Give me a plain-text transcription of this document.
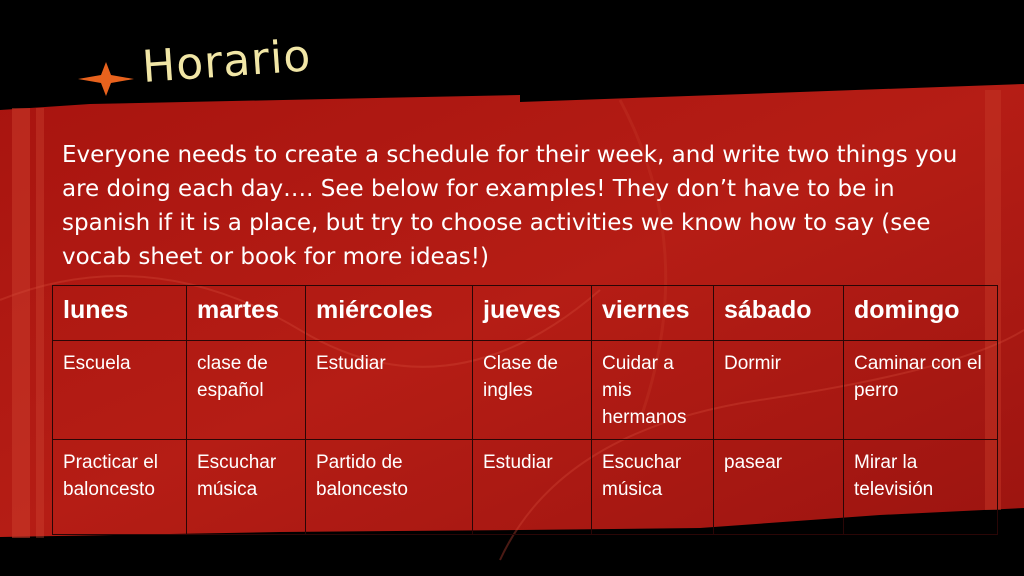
Horario

Everyone needs to create a schedule for their week, and write two things you are doing each day…. See below for examples! They don’t have to be in spanish if it is a place, but try to choose activities we know how to say (see vocab sheet or book for more ideas!)

lunes	martes	miércoles	jueves	viernes	sábado	domingo
Escuela	clase de español	Estudiar	Clase de ingles	Cuidar a mis hermanos	Dormir	Caminar con el perro
Practicar el baloncesto	Escuchar música	Partido de baloncesto	Estudiar	Escuchar música	pasear	Mirar la televisión
